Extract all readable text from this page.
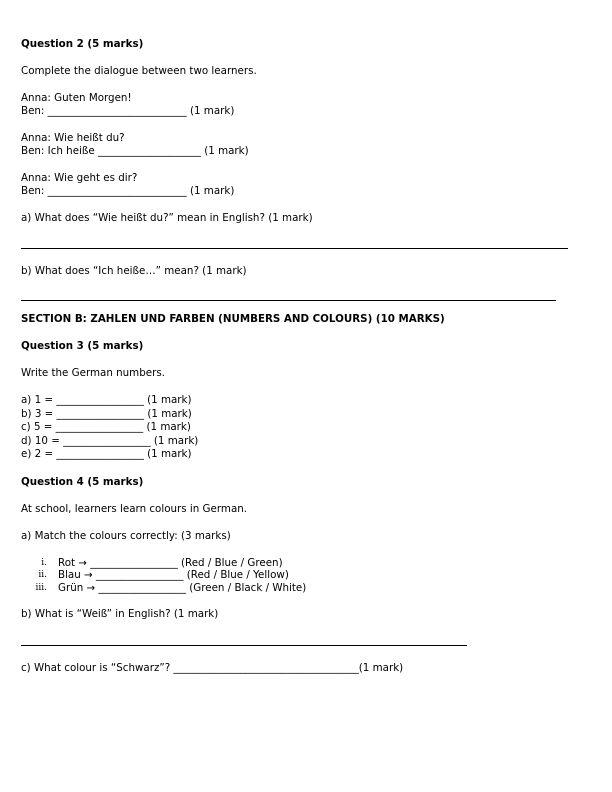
Question 2 (5 marks)

Complete the dialogue between two learners.

Anna: Guten Morgen!

Ben: ___________________________ (1 mark)

Anna: Wie heißt du?

Ben: Ich heiße ____________________ (1 mark)

Anna: Wie geht es dir?

Ben: ___________________________ (1 mark)

a) What does “Wie heißt du?” mean in English? (1 mark)

b) What does “Ich heiße…” mean? (1 mark)

SECTION B: ZAHLEN UND FARBEN (NUMBERS AND COLOURS) (10 MARKS)

Question 3 (5 marks)

Write the German numbers.

a) 1 = _________________ (1 mark)

b) 3 = _________________ (1 mark)

c) 5 = _________________ (1 mark)

d) 10 = _________________ (1 mark)

e) 2 = _________________ (1 mark)

Question 4 (5 marks)

At school, learners learn colours in German.

a) Match the colours correctly: (3 marks)

i. Rot → _________________ (Red / Blue / Green)
ii. Blau → _________________ (Red / Blue / Yellow)
iii. Grün → _________________ (Green / Black / White)

b) What is “Weiß” in English? (1 mark)

c) What colour is “Schwarz”? ____________________________________(1 mark)
